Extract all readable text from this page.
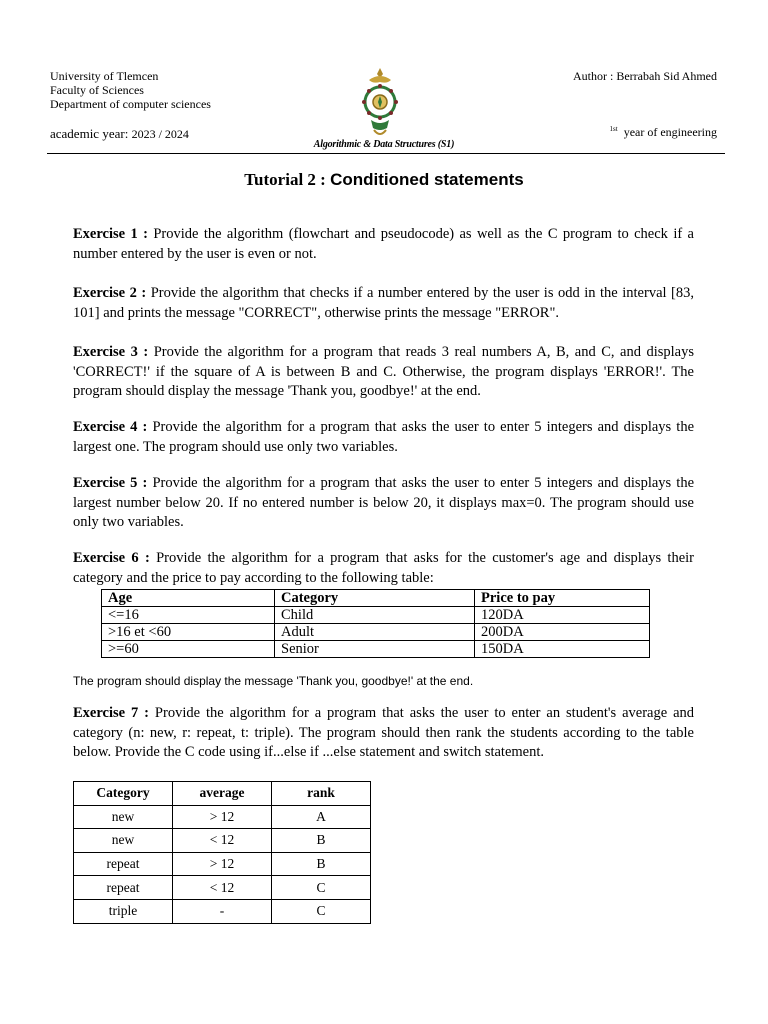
University of Tlemcen
Faculty of Sciences
Department of computer sciences
Author : Berrabah Sid Ahmed
academic year: 2023 / 2024	$^{1st}$ year of engineering
Algorithmic & Data Structures (S1)
Tutorial 2 : Conditioned statements
Exercise 1 : Provide the algorithm (flowchart and pseudocode) as well as the C program to check if a number entered by the user is even or not.
Exercise 2 : Provide the algorithm that checks if a number entered by the user is odd in the interval [83, 101] and prints the message "CORRECT", otherwise prints the message "ERROR".
Exercise 3 : Provide the algorithm for a program that reads 3 real numbers A, B, and C, and displays 'CORRECT!' if the square of A is between B and C. Otherwise, the program displays 'ERROR!'. The program should display the message 'Thank you, goodbye!' at the end.
Exercise 4 : Provide the algorithm for a program that asks the user to enter 5 integers and displays the largest one. The program should use only two variables.
Exercise 5 : Provide the algorithm for a program that asks the user to enter 5 integers and displays the largest number below 20. If no entered number is below 20, it displays max=0. The program should use only two variables.
Exercise 6 : Provide the algorithm for a program that asks for the customer's age and displays their category and the price to pay according to the following table:
Age	Category	Price to pay
<=16	Child	120DA
>16 et <60	Adult	200DA
>=60	Senior	150DA
The program should display the message 'Thank you, goodbye!' at the end.
Exercise 7 : Provide the algorithm for a program that asks the user to enter an student's average and category (n: new, r: repeat, t: triple). The program should then rank the students according to the table below. Provide the C code using if...else if ...else statement and switch statement.
Category	average	rank
new	> 12	A
new	< 12	B
repeat	> 12	B
repeat	< 12	C
triple	-	C
